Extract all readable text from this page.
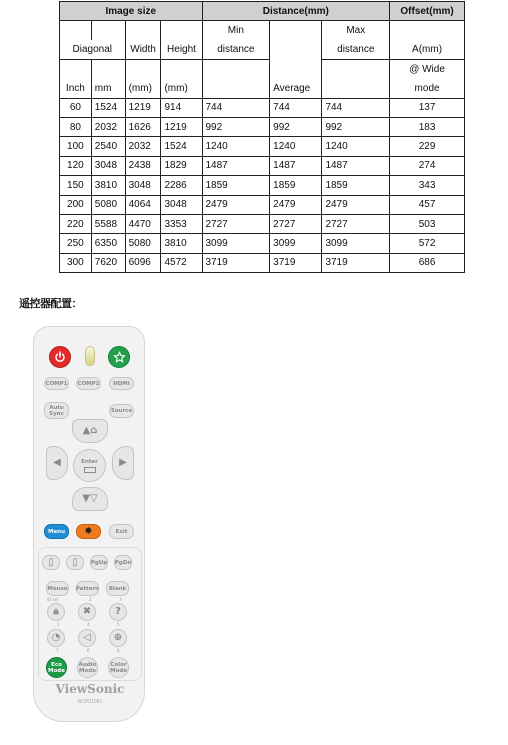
Image size				Distance(mm)			Offset(mm)
				Min		Max	
Diagonal		Width	Height	distance		distance	A(mm)
							@ Wide
Inch	mm	(mm)	(mm)		Average		mode
60	1524	1219	914	744	744	744	137
80	2032	1626	1219	992	992	992	183
100	2540	2032	1524	1240	1240	1240	229
120	3048	2438	1829	1487	1487	1487	274
150	3810	3048	2286	1859	1859	1859	343
200	5080	4064	3048	2479	2479	2479	457
220	5588	4470	3353	2727	2727	2727	503
250	6350	5080	3810	3099	3099	3099	572
300	7620	6096	4572	3719	3719	3719	686
遥控器配置：
COMP1 COMP2	HDMI
Auto
Sync	Source
▲⌂
◀	Enter ▶
▼▽
Menu	✸	Exit
▯ ▯ PgUp PgDn
Mouse Pattern	Blank
ID set
1
2	3
🔒︎ ✖ ?
4	5
◔ ◁ ⊕
6
7	8
Eco
Mode
Audio
Mode
Color
Mode
ViewSonic
RCP01081
